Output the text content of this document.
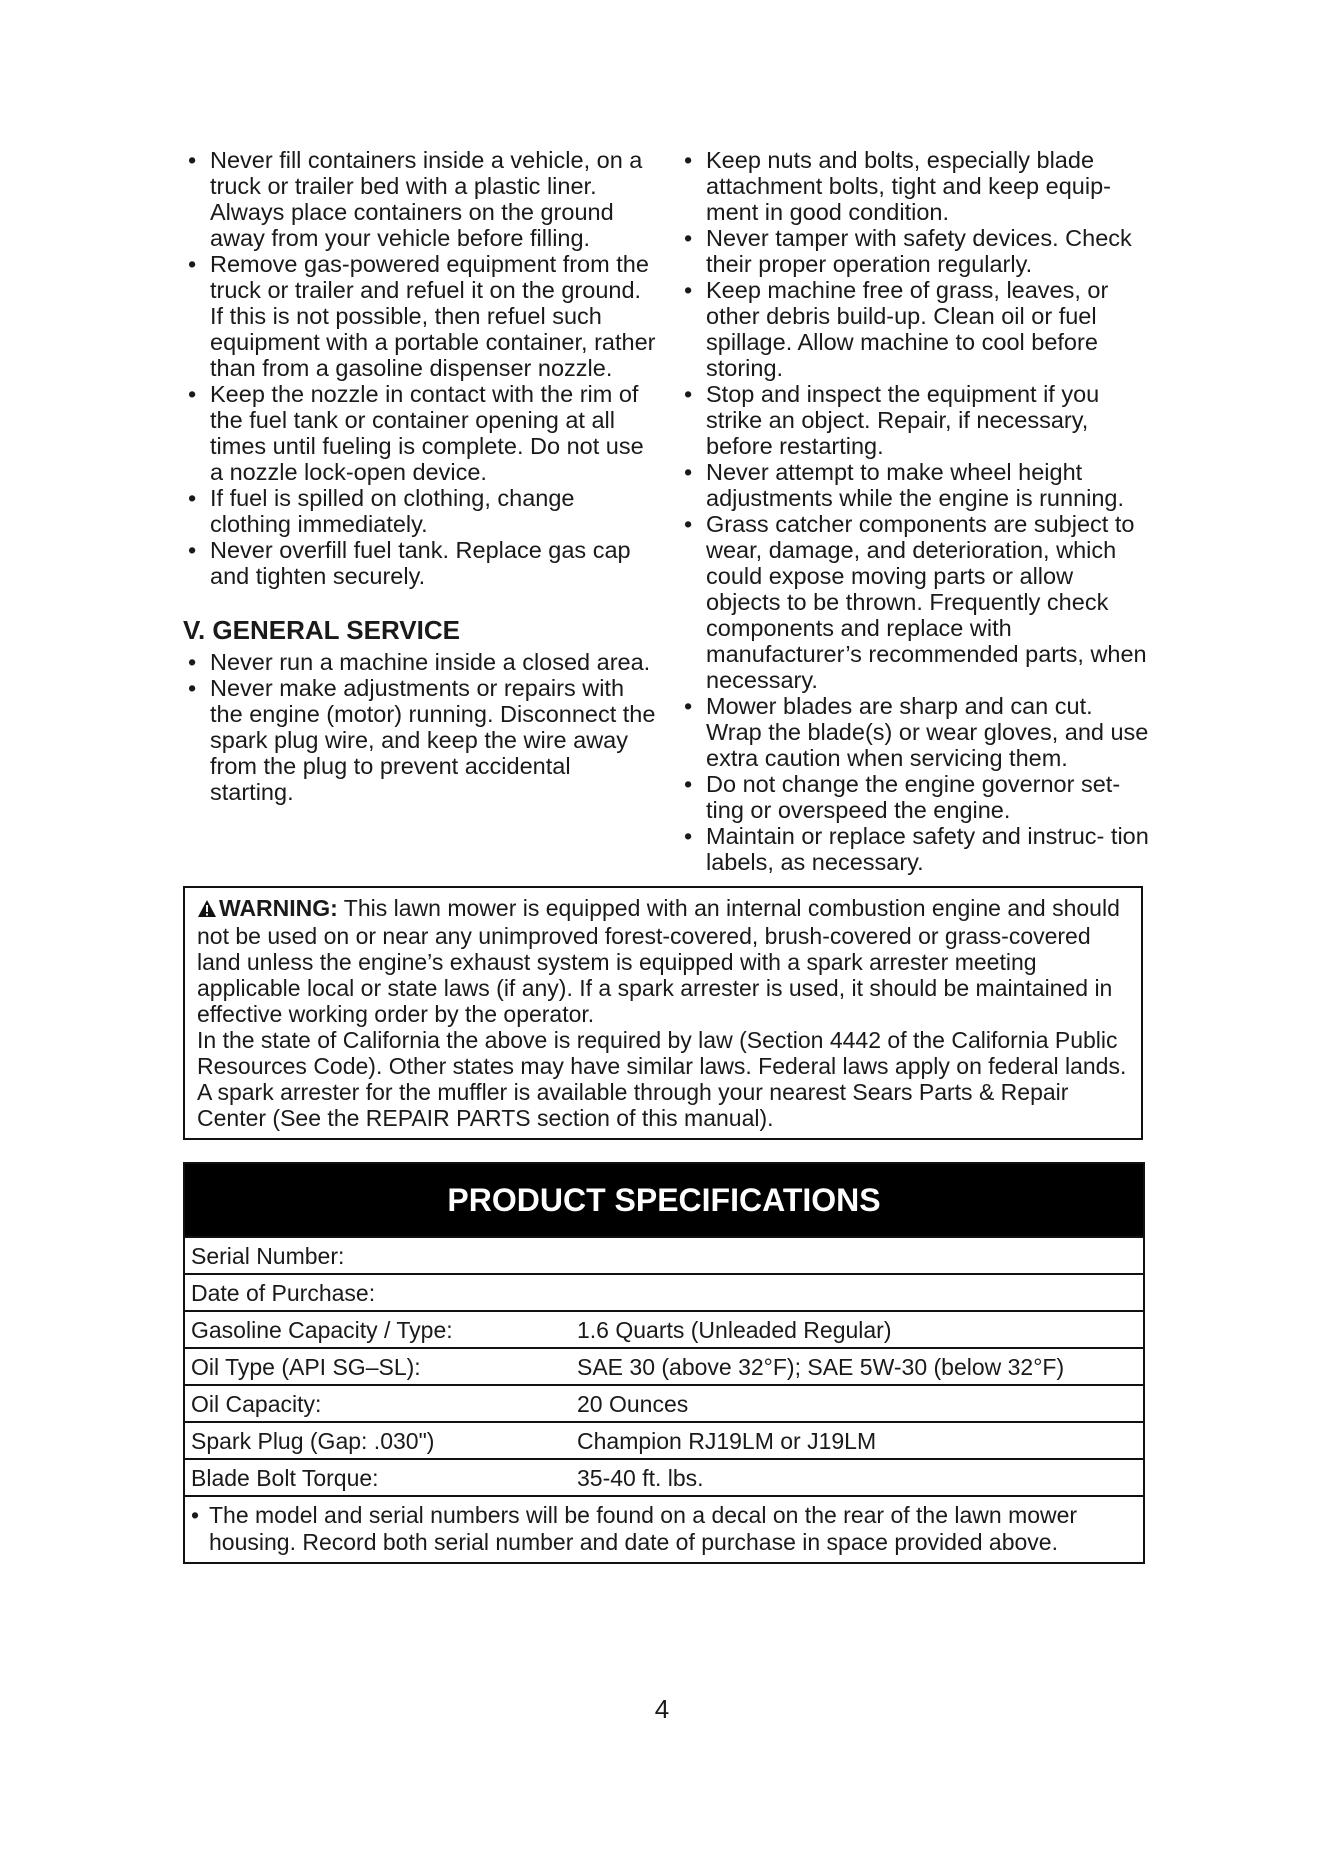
• Never fill containers inside a vehicle, on a truck or trailer bed with a plastic liner. Always place containers on the ground away from your vehicle before filling.
• Remove gas-powered equipment from the truck or trailer and refuel it on the ground. If this is not possible, then refuel such equipment with a portable container, rather than from a gasoline dispenser nozzle.
• Keep the nozzle in contact with the rim of the fuel tank or container opening at all times until fueling is complete. Do not use a nozzle lock-open device.
• If fuel is spilled on clothing, change clothing immediately.
• Never overfill fuel tank. Replace gas cap and tighten securely.
V. GENERAL SERVICE
• Never run a machine inside a closed area.
• Never make adjustments or repairs with the engine (motor) running. Disconnect the spark plug wire, and keep the wire away from the plug to prevent accidental starting.
• Keep nuts and bolts, especially blade attachment bolts, tight and keep equip- ment in good condition.
• Never tamper with safety devices. Check their proper operation regularly.
• Keep machine free of grass, leaves, or other debris build-up. Clean oil or fuel spillage. Allow machine to cool before storing.
• Stop and inspect the equipment if you strike an object. Repair, if necessary, before restarting.
• Never attempt to make wheel height adjustments while the engine is running.
• Grass catcher components are subject to wear, damage, and deterioration, which could expose moving parts or allow objects to be thrown. Frequently check components and replace with manufacturer’s recommended parts, when necessary.
• Mower blades are sharp and can cut. Wrap the blade(s) or wear gloves, and use extra caution when servicing them.
• Do not change the engine governor set- ting or overspeed the engine.
• Maintain or replace safety and instruc- tion labels, as necessary.

WARNING: This lawn mower is equipped with an internal combustion engine and should not be used on or near any unimproved forest-covered, brush-covered or grass-covered land unless the engine’s exhaust system is equipped with a spark arrester meeting applicable local or state laws (if any). If a spark arrester is used, it should be maintained in effective working order by the operator.

In the state of California the above is required by law (Section 4442 of the California Public Resources Code). Other states may have similar laws. Federal laws apply on federal lands. A spark arrester for the muffler is available through your nearest Sears Parts & Repair Center (See the REPAIR PARTS section of this manual).

PRODUCT SPECIFICATIONS
Serial Number:
Date of Purchase:
Gasoline Capacity / Type:	1.6 Quarts (Unleaded Regular)
Oil Type (API SG–SL):	SAE 30 (above 32°F); SAE 5W-30 (below 32°F)
Oil Capacity:	20 Ounces
Spark Plug (Gap: .030")	Champion RJ19LM or J19LM
Blade Bolt Torque:	35-40 ft. lbs.
• The model and serial numbers will be found on a decal on the rear of the lawn mower housing. Record both serial number and date of purchase in space provided above.
4
